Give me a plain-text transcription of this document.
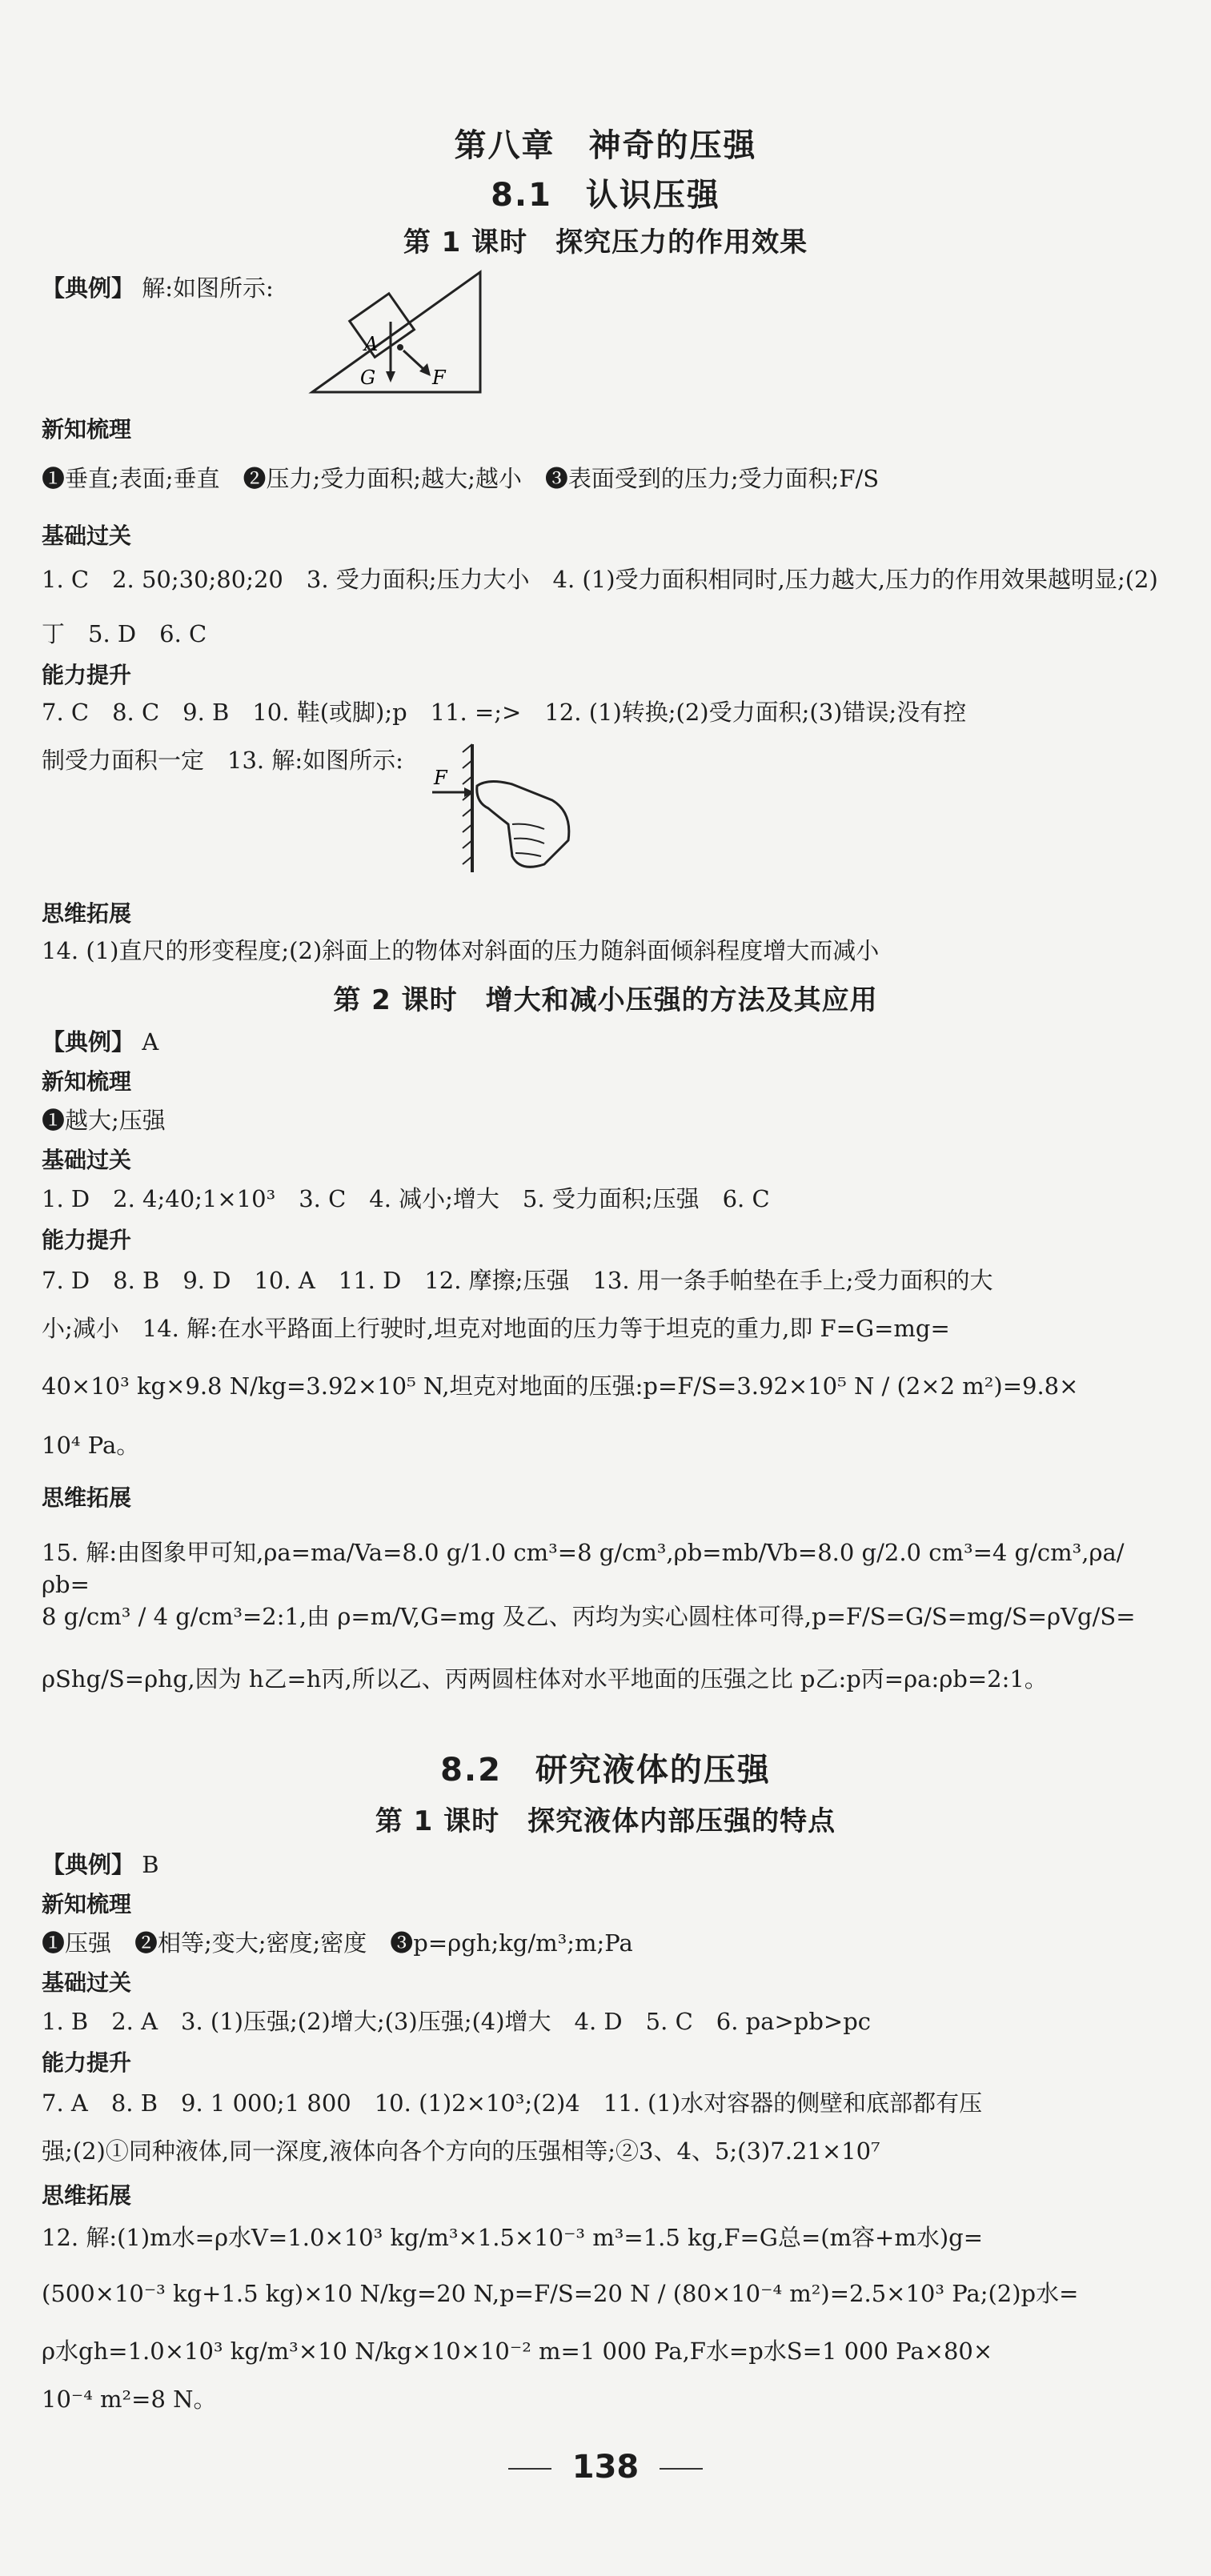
第八章　神奇的压强
8.1　认识压强
第 1 课时　探究压力的作用效果
【典例】 解:如图所示:
A
G	F
新知梳理
❶垂直;表面;垂直　❷压力;受力面积;越大;越小　❸表面受到的压力;受力面积;F/S
基础过关
1. C　2. 50;30;80;20　3. 受力面积;压力大小　4. (1)受力面积相同时,压力越大,压力的作用效果越明显;(2)丁　5. D　6. C
能力提升
7. C　8. C　9. B　10. 鞋(或脚);p　11. =;>　12. (1)转换;(2)受力面积;(3)错误;没有控
制受力面积一定　13. 解:如图所示:
F
思维拓展
14. (1)直尺的形变程度;(2)斜面上的物体对斜面的压力随斜面倾斜程度增大而减小
第 2 课时　增大和减小压强的方法及其应用
【典例】 A
新知梳理
❶越大;压强
基础过关
1. D　2. 4;40;1×10³　3. C　4. 减小;增大　5. 受力面积;压强　6. C
能力提升
7. D　8. B　9. D　10. A　11. D　12. 摩擦;压强　13. 用一条手帕垫在手上;受力面积的大
小;减小　14. 解:在水平路面上行驶时,坦克对地面的压力等于坦克的重力,即 F=G=mg=
40×10³ kg×9.8 N/kg=3.92×10⁵ N,坦克对地面的压强:p=F/S=3.92×10⁵ N / (2×2 m²)=9.8×
10⁴ Pa。
思维拓展
15. 解:由图象甲可知,ρa=ma/Va=8.0 g/1.0 cm³=8 g/cm³,ρb=mb/Vb=8.0 g/2.0 cm³=4 g/cm³,ρa/ρb=
8 g/cm³ / 4 g/cm³=2:1,由 ρ=m/V,G=mg 及乙、丙均为实心圆柱体可得,p=F/S=G/S=mg/S=ρVg/S=
ρShg/S=ρhg,因为 h乙=h丙,所以乙、丙两圆柱体对水平地面的压强之比 p乙:p丙=ρa:ρb=2:1。
8.2　研究液体的压强
第 1 课时　探究液体内部压强的特点
【典例】 B
新知梳理
❶压强　❷相等;变大;密度;密度　❸p=ρgh;kg/m³;m;Pa
基础过关
1. B　2. A　3. (1)压强;(2)增大;(3)压强;(4)增大　4. D　5. C　6. pa>pb>pc
能力提升
7. A　8. B　9. 1 000;1 800　10. (1)2×10³;(2)4　11. (1)水对容器的侧壁和底部都有压
强;(2)①同种液体,同一深度,液体向各个方向的压强相等;②3、4、5;(3)7.21×10⁷
思维拓展
12. 解:(1)m水=ρ水V=1.0×10³ kg/m³×1.5×10⁻³ m³=1.5 kg,F=G总=(m容+m水)g=
(500×10⁻³ kg+1.5 kg)×10 N/kg=20 N,p=F/S=20 N / (80×10⁻⁴ m²)=2.5×10³ Pa;(2)p水=
ρ水gh=1.0×10³ kg/m³×10 N/kg×10×10⁻² m=1 000 Pa,F水=p水S=1 000 Pa×80×
10⁻⁴ m²=8 N。
138
